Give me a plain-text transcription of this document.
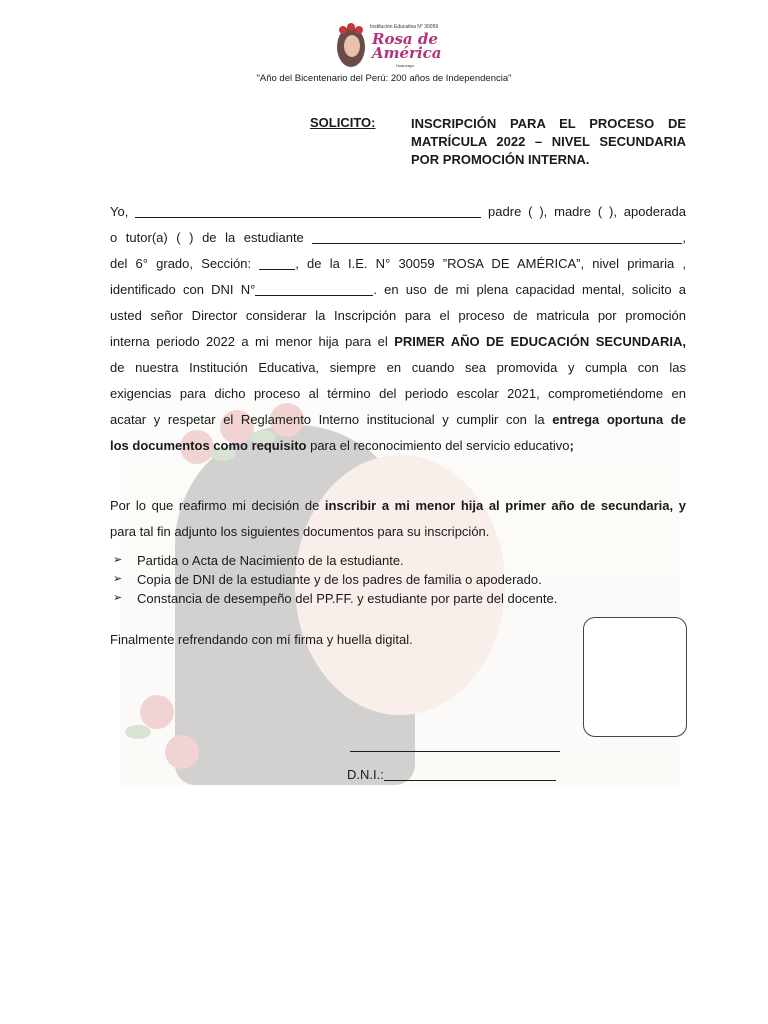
Institución Educativa N° 30059
Rosa de América
Huancayo
"Año del Bicentenario del Perú: 200 años de Independencia"
SOLICITO:	INSCRIPCIÓN PARA EL PROCESO DE
MATRÍCULA 2022 – NIVEL SECUNDARIA
POR PROMOCIÓN INTERNA.
Yo,	padre ( ), madre ( ), apoderada
o tutor(a) ( ) de la estudiante	,
del 6° grado, Sección:	, de la I.E. N° 30059 ”ROSA DE AMÉRICA”, nivel primaria ,
identificado con DNI N°	. en uso de mi plena capacidad mental, solicito a
usted señor Director considerar la Inscripción para el proceso de matricula por promoción
interna periodo 2022 a mi menor hija para el PRIMER AÑO DE EDUCACIÓN SECUNDARIA,
de nuestra Institución Educativa, siempre en cuando sea promovida y cumpla con las
exigencias para dicho proceso al término del periodo escolar 2021, comprometiéndome en
acatar y respetar el Reglamento Interno institucional y cumplir con la entrega oportuna de
los documentos como requisito para el reconocimiento del servicio educativo;
Por lo que reafirmo mi decisión de inscribir a mi menor hija al primer año de secundaria, y
para tal fin adjunto los siguientes documentos para su inscripción.
➢ Partida o Acta de Nacimiento de la estudiante.
➢ Copia de DNI de la estudiante y de los padres de familia o apoderado.
➢ Constancia de desempeño del PP.FF. y estudiante por parte del docente.
Finalmente refrendando con mí firma y huella digital.
D.N.I.:
